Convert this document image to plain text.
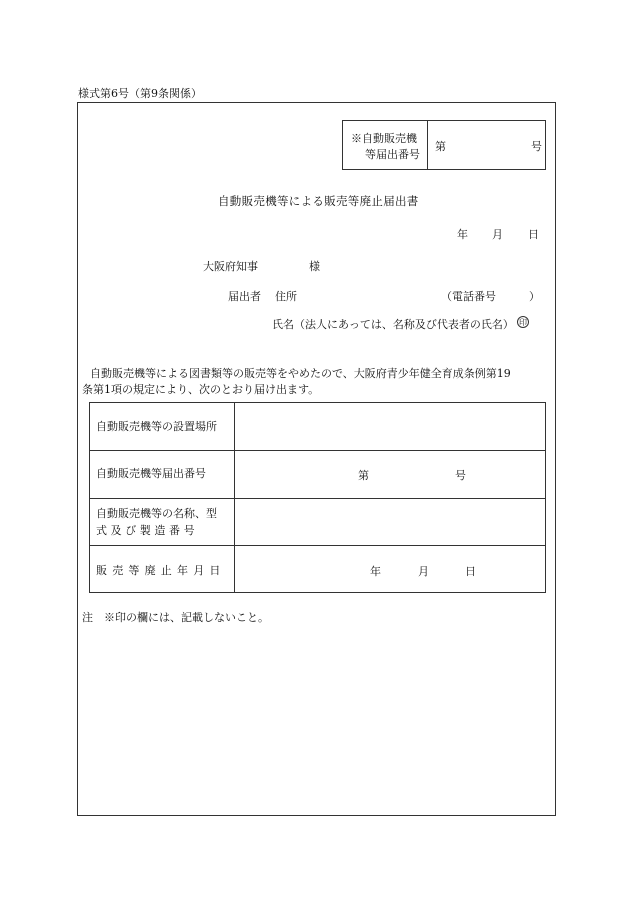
様式第6号（第9条関係）
※自動販売機
等届出番号
第	号
自動販売機等による販売等廃止届出書
年 月 日
大阪府知事	様
届出者 住所	（電話番号	）
氏名（法人にあっては、名称及び代表者の氏名） 印
自動販売機等による図書類等の販売等をやめたので、大阪府青少年健全育成条例第19
条第1項の規定により、次のとおり届け出ます。
自動販売機等の設置場所
自動販売機等届出番号	第	号
自動販売機等の名称、型
式及び製造番号
販売等廃止年月日	年	月	日
注　※印の欄には、記載しないこと。
